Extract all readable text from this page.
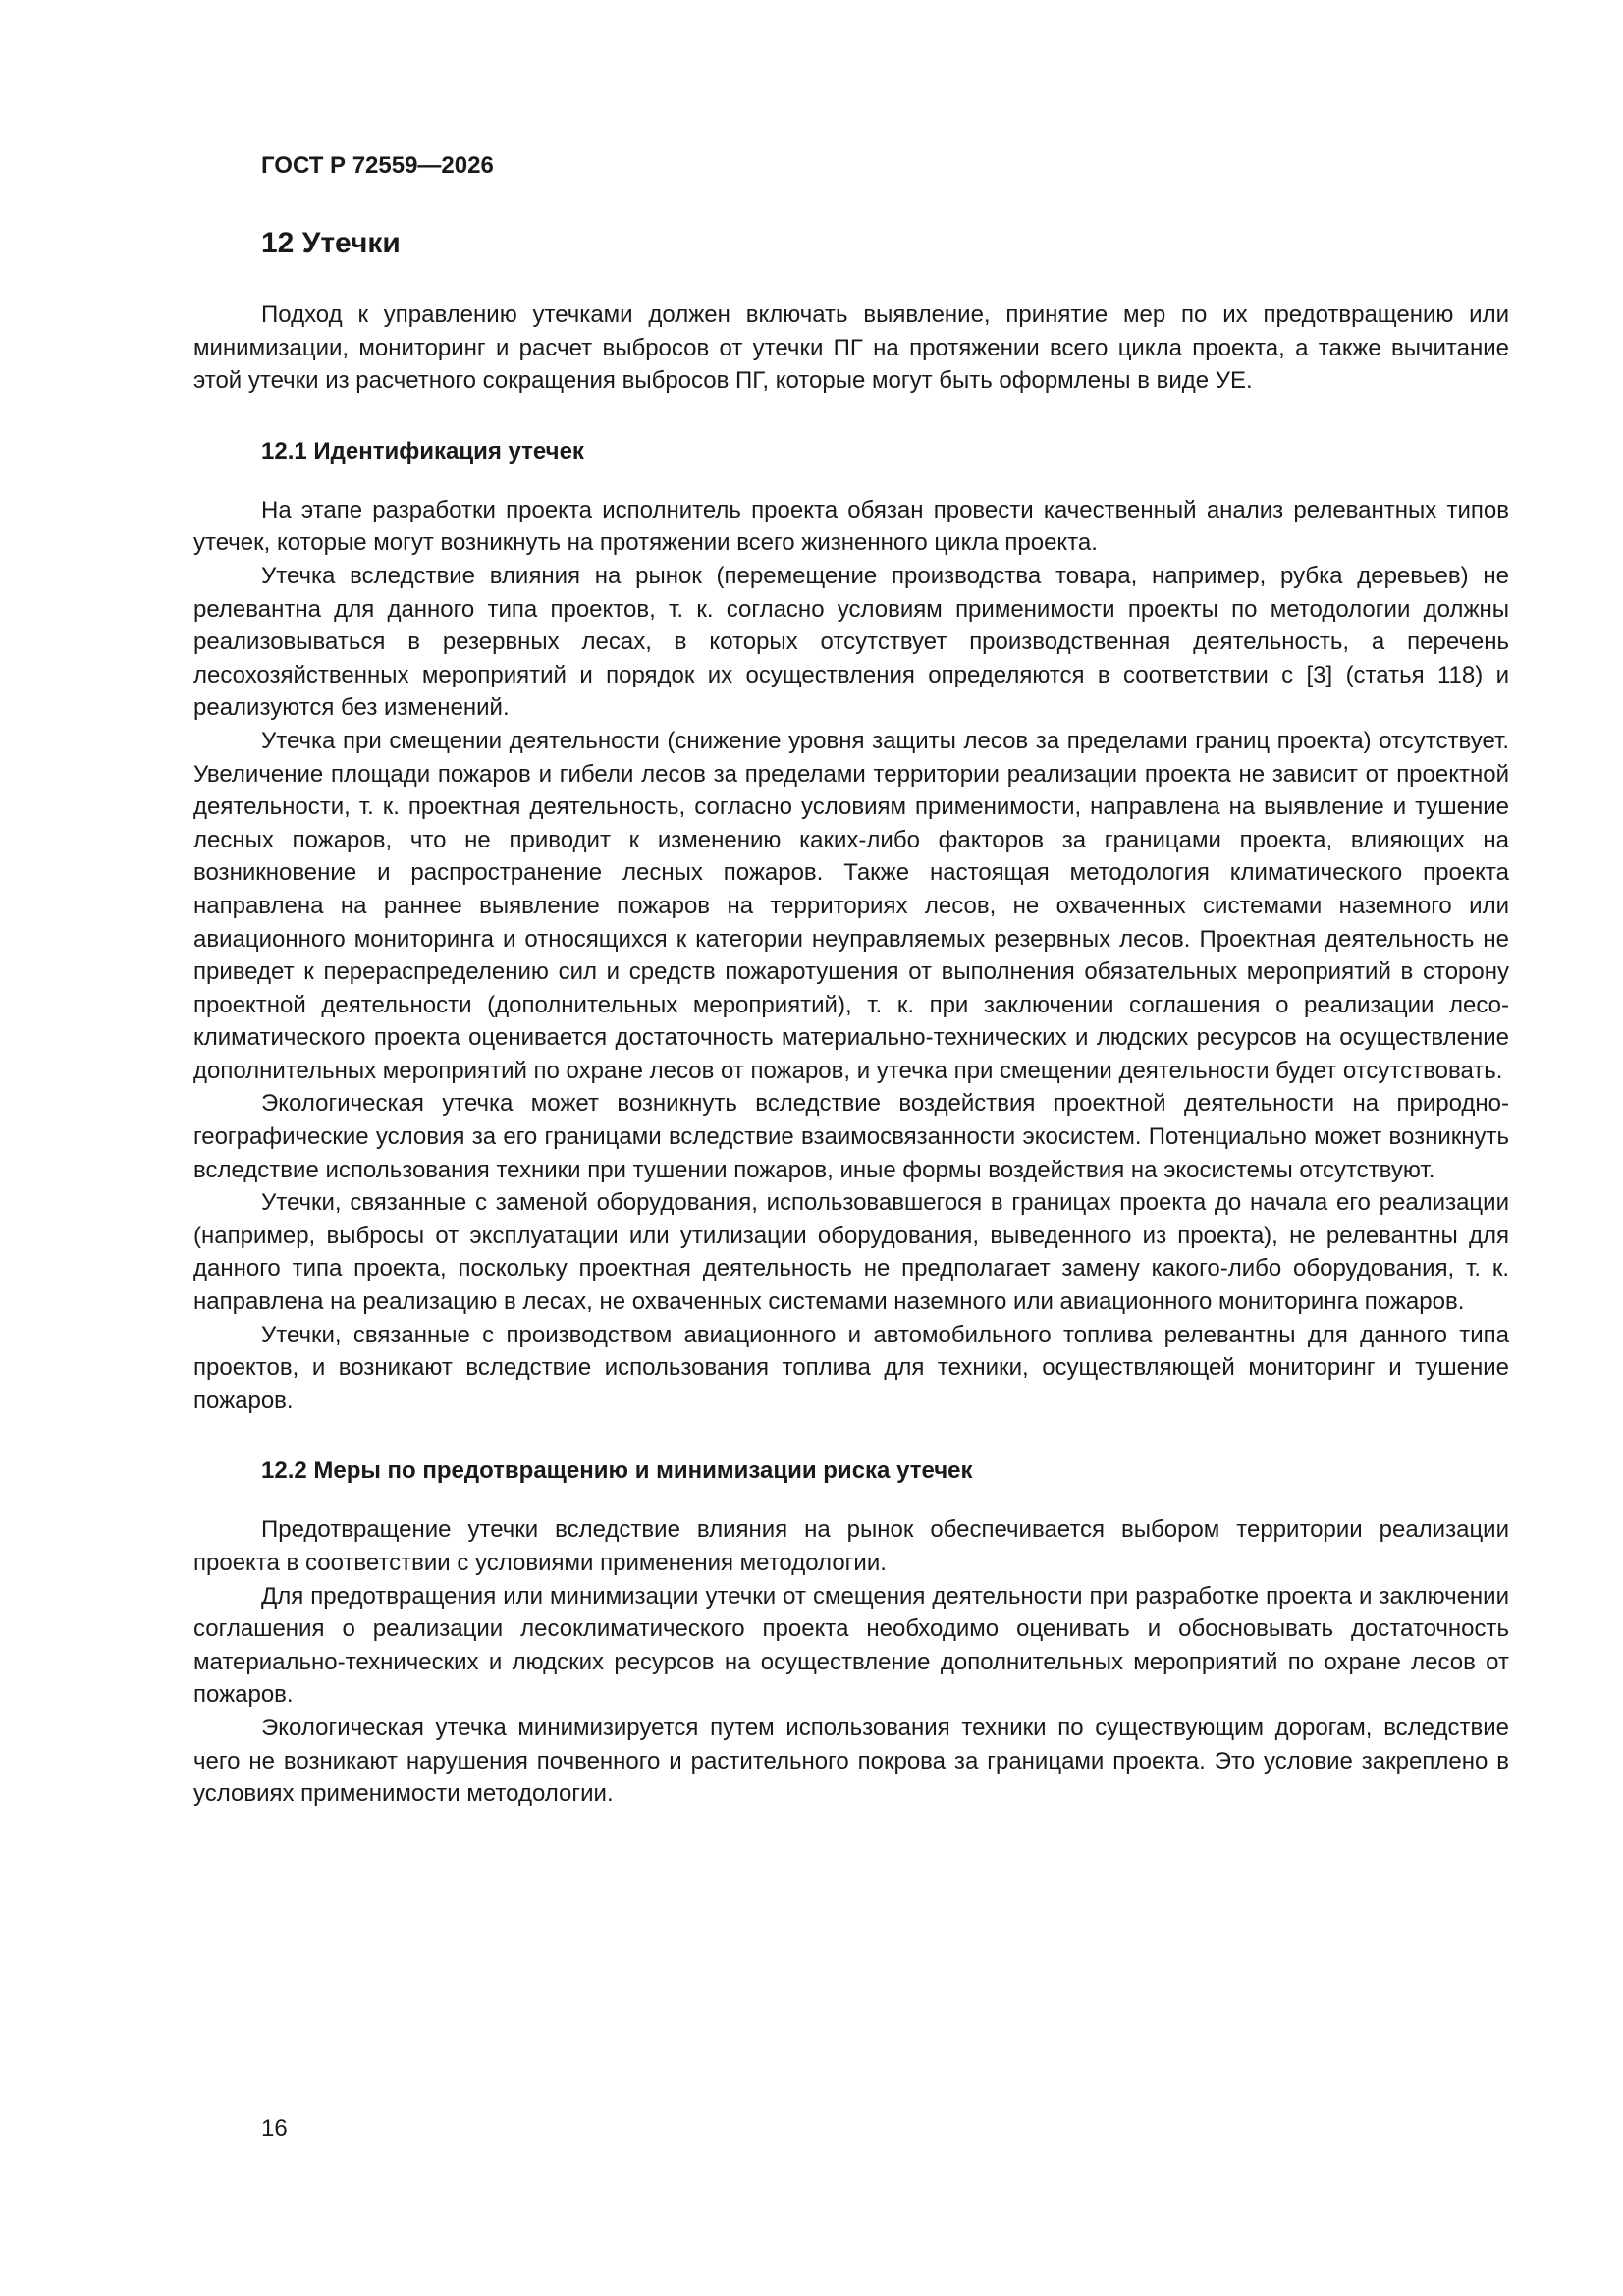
ГОСТ Р 72559—2026

12 Утечки

Подход к управлению утечками должен включать выявление, принятие мер по их предотвращению или минимизации, мониторинг и расчет выбросов от утечки ПГ на протяжении всего цикла проекта, а также вычитание этой утечки из расчетного сокращения выбросов ПГ, которые могут быть оформлены в виде УЕ.

12.1 Идентификация утечек

На этапе разработки проекта исполнитель проекта обязан провести качественный анализ релевантных типов утечек, которые могут возникнуть на протяжении всего жизненного цикла проекта.

Утечка вследствие влияния на рынок (перемещение производства товара, например, рубка деревьев) не релевантна для данного типа проектов, т. к. согласно условиям применимости проекты по методологии должны реализовываться в резервных лесах, в которых отсутствует производственная деятельность, а перечень лесохозяйственных мероприятий и порядок их осуществления определяются в соответствии с [3] (статья 118) и реализуются без изменений.

Утечка при смещении деятельности (снижение уровня защиты лесов за пределами границ проекта) отсутствует. Увеличение площади пожаров и гибели лесов за пределами территории реализации проекта не зависит от проектной деятельности, т. к. проектная деятельность, согласно условиям применимости, направлена на выявление и тушение лесных пожаров, что не приводит к изменению каких-либо факторов за границами проекта, влияющих на возникновение и распространение лесных пожаров. Также настоящая методология климатического проекта направлена на раннее выявление пожаров на территориях лесов, не охваченных системами наземного или авиационного мониторинга и относящихся к категории неуправляемых резервных лесов. Проектная деятельность не приведет к перераспределению сил и средств пожаротушения от выполнения обязательных мероприятий в сторону проектной деятельности (дополнительных мероприятий), т. к. при заключении соглашения о реализации лесоклиматического проекта оценивается достаточность материально-технических и людских ресурсов на осуществление дополнительных мероприятий по охране лесов от пожаров, и утечка при смещении деятельности будет отсутствовать.

Экологическая утечка может возникнуть вследствие воздействия проектной деятельности на природно-географические условия за его границами вследствие взаимосвязанности экосистем. Потенциально может возникнуть вследствие использования техники при тушении пожаров, иные формы воздействия на экосистемы отсутствуют.

Утечки, связанные с заменой оборудования, использовавшегося в границах проекта до начала его реализации (например, выбросы от эксплуатации или утилизации оборудования, выведенного из проекта), не релевантны для данного типа проекта, поскольку проектная деятельность не предполагает замену какого-либо оборудования, т. к. направлена на реализацию в лесах, не охваченных системами наземного или авиационного мониторинга пожаров.

Утечки, связанные с производством авиационного и автомобильного топлива релевантны для данного типа проектов, и возникают вследствие использования топлива для техники, осуществляющей мониторинг и тушение пожаров.

12.2 Меры по предотвращению и минимизации риска утечек

Предотвращение утечки вследствие влияния на рынок обеспечивается выбором территории реализации проекта в соответствии с условиями применения методологии.

Для предотвращения или минимизации утечки от смещения деятельности при разработке проекта и заключении соглашения о реализации лесоклиматического проекта необходимо оценивать и обосновывать достаточность материально-технических и людских ресурсов на осуществление дополнительных мероприятий по охране лесов от пожаров.

Экологическая утечка минимизируется путем использования техники по существующим дорогам, вследствие чего не возникают нарушения почвенного и растительного покрова за границами проекта. Это условие закреплено в условиях применимости методологии.

16
